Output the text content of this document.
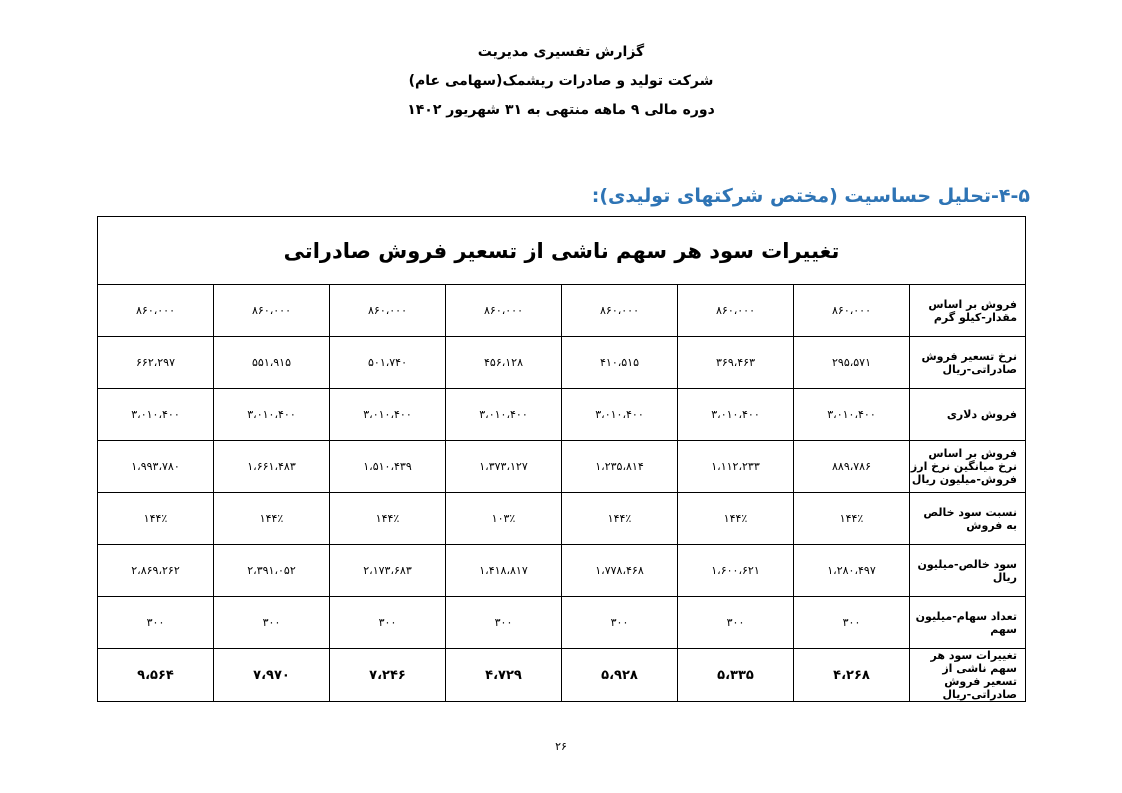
گزارش تفسیری مدیریت
شرکت تولید و صادرات ریشمک(سهامی عام)
دوره مالی ۹ ماهه منتهی به ۳۱ شهریور ۱۴۰۲
۴-۵-تحلیل حساسیت (مختص شرکتهای تولیدی):
تغییرات سود هر سهم ناشی از تسعیر فروش صادراتی							
فروش بر اساس مقدار-کیلو گرم	۸۶۰،۰۰۰	۸۶۰،۰۰۰	۸۶۰،۰۰۰	۸۶۰،۰۰۰	۸۶۰،۰۰۰	۸۶۰،۰۰۰	۸۶۰،۰۰۰
نرخ تسعیر فروش صادراتی-ریال	۲۹۵،۵۷۱	۳۶۹،۴۶۳	۴۱۰،۵۱۵	۴۵۶،۱۲۸	۵۰۱،۷۴۰	۵۵۱،۹۱۵	۶۶۲،۲۹۷
فروش دلاری	۳،۰۱۰،۴۰۰	۳،۰۱۰،۴۰۰	۳،۰۱۰،۴۰۰	۳،۰۱۰،۴۰۰	۳،۰۱۰،۴۰۰	۳،۰۱۰،۴۰۰	۳،۰۱۰،۴۰۰
فروش بر اساس نرخ میانگین نرخ ارز فروش-میلیون ریال	۸۸۹،۷۸۶	۱،۱۱۲،۲۳۳	۱،۲۳۵،۸۱۴	۱،۳۷۳،۱۲۷	۱،۵۱۰،۴۳۹	۱،۶۶۱،۴۸۳	۱،۹۹۳،۷۸۰
نسبت سود خالص به فروش	۱۴۴٪	۱۴۴٪	۱۴۴٪	۱۰۳٪	۱۴۴٪	۱۴۴٪	۱۴۴٪
سود خالص-میلیون ریال	۱،۲۸۰،۴۹۷	۱،۶۰۰،۶۲۱	۱،۷۷۸،۴۶۸	۱،۴۱۸،۸۱۷	۲،۱۷۳،۶۸۳	۲،۳۹۱،۰۵۲	۲،۸۶۹،۲۶۲
تعداد سهام-میلیون سهم	۳۰۰	۳۰۰	۳۰۰	۳۰۰	۳۰۰	۳۰۰	۳۰۰
تغییرات سود هر سهم ناشی از تسعیر فروش صادراتی-ریال	۴،۲۶۸	۵،۳۳۵	۵،۹۲۸	۴،۷۲۹	۷،۲۴۶	۷،۹۷۰	۹،۵۶۴
۲۶
